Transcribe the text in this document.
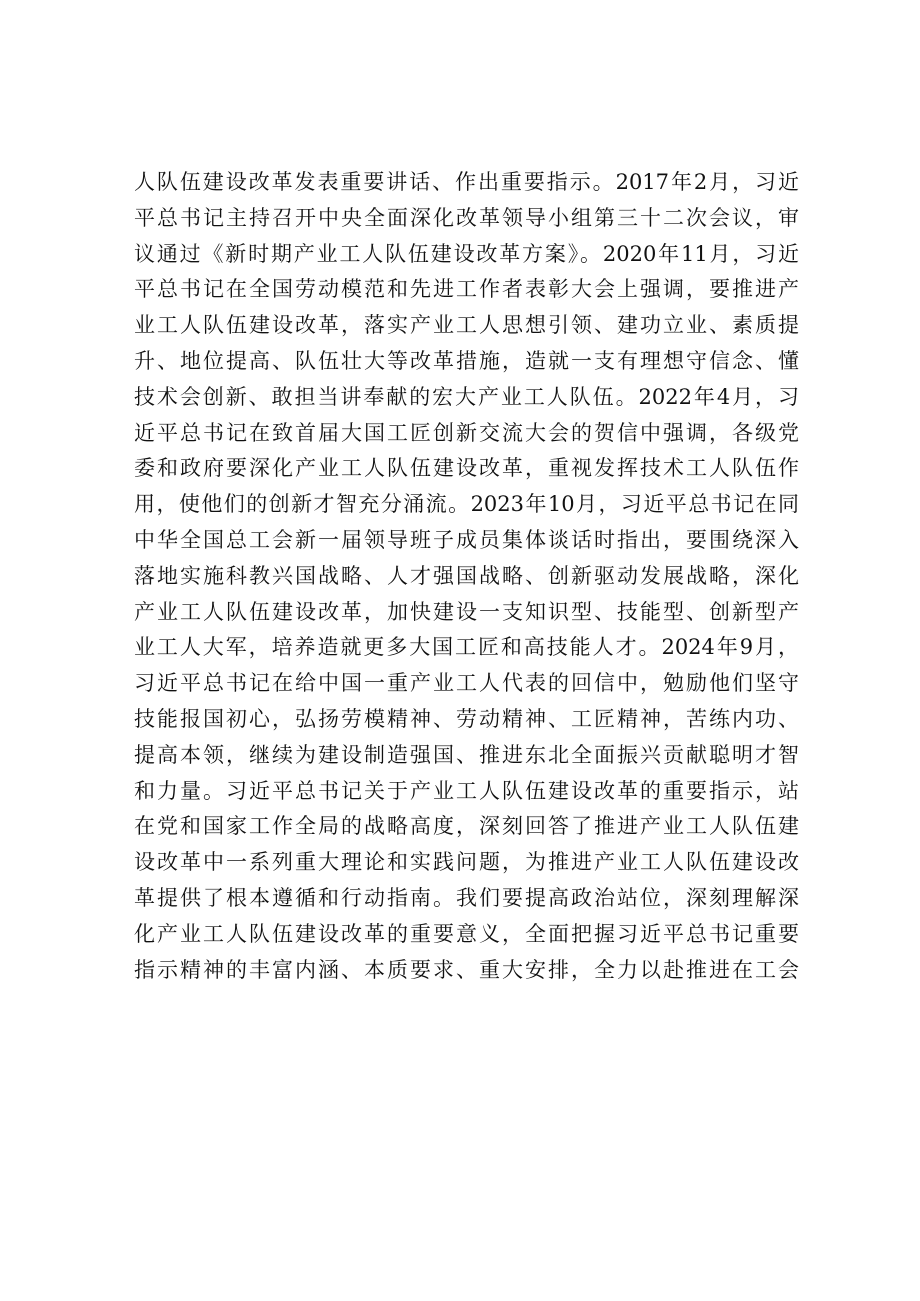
人队伍建设改革发表重要讲话、作出重要指示。2017年2月，习近
平总书记主持召开中央全面深化改革领导小组第三十二次会议，审
议通过《新时期产业工人队伍建设改革方案》。2020年11月，习近
平总书记在全国劳动模范和先进工作者表彰大会上强调，要推进产
业工人队伍建设改革，落实产业工人思想引领、建功立业、素质提
升、地位提高、队伍壮大等改革措施，造就一支有理想守信念、懂
技术会创新、敢担当讲奉献的宏大产业工人队伍。2022年4月，习
近平总书记在致首届大国工匠创新交流大会的贺信中强调，各级党
委和政府要深化产业工人队伍建设改革，重视发挥技术工人队伍作
用，使他们的创新才智充分涌流。2023年10月，习近平总书记在同
中华全国总工会新一届领导班子成员集体谈话时指出，要围绕深入
落地实施科教兴国战略、人才强国战略、创新驱动发展战略，深化
产业工人队伍建设改革，加快建设一支知识型、技能型、创新型产
业工人大军，培养造就更多大国工匠和高技能人才。2024年9月，
习近平总书记在给中国一重产业工人代表的回信中，勉励他们坚守
技能报国初心，弘扬劳模精神、劳动精神、工匠精神，苦练内功、
提高本领，继续为建设制造强国、推进东北全面振兴贡献聪明才智
和力量。习近平总书记关于产业工人队伍建设改革的重要指示，站
在党和国家工作全局的战略高度，深刻回答了推进产业工人队伍建
设改革中一系列重大理论和实践问题，为推进产业工人队伍建设改
革提供了根本遵循和行动指南。我们要提高政治站位，深刻理解深
化产业工人队伍建设改革的重要意义，全面把握习近平总书记重要
指示精神的丰富内涵、本质要求、重大安排，全力以赴推进在工会
